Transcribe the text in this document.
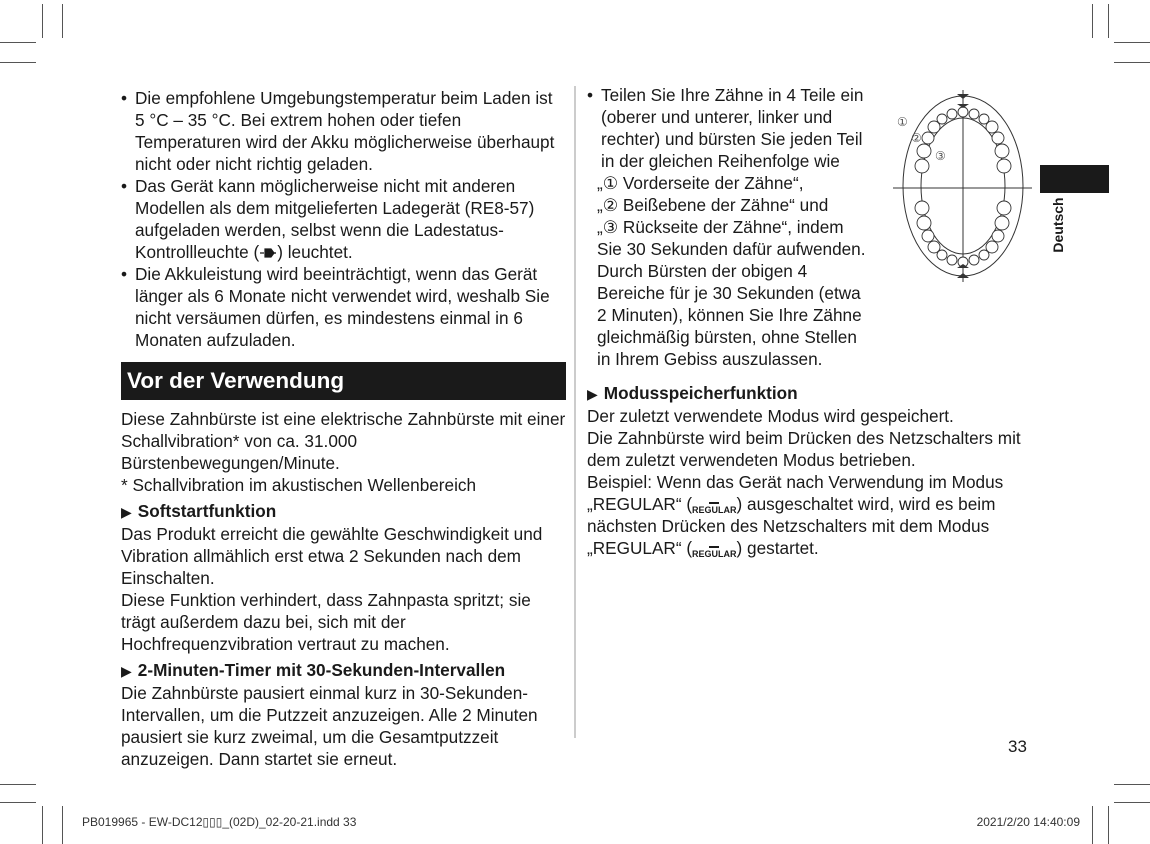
• Die empfohlene Umgebungstemperatur beim Laden ist 5 °C – 35 °C. Bei extrem hohen oder tiefen Temperaturen wird der Akku möglicherweise überhaupt nicht oder nicht richtig geladen.

• Das Gerät kann möglicherweise nicht mit anderen Modellen als dem mitgelieferten Ladegerät (RE8-57) aufgeladen werden, selbst wenn die Ladestatus-Kontrollleuchte ( ) leuchtet.

• Die Akkuleistung wird beeinträchtigt, wenn das Gerät länger als 6 Monate nicht verwendet wird, weshalb Sie nicht versäumen dürfen, es mindestens einmal in 6 Monaten aufzuladen.

Vor der Verwendung

Diese Zahnbürste ist eine elektrische Zahnbürste mit einer Schallvibration* von ca. 31.000 Bürstenbewegungen/Minute.

* Schallvibration im akustischen Wellenbereich

▶ Softstartfunktion

Das Produkt erreicht die gewählte Geschwindigkeit und Vibration allmählich erst etwa 2 Sekunden nach dem Einschalten.

Diese Funktion verhindert, dass Zahnpasta spritzt; sie trägt außerdem dazu bei, sich mit der Hochfrequenzvibration vertraut zu machen.

▶ 2-Minuten-Timer mit 30-Sekunden-Intervallen

Die Zahnbürste pausiert einmal kurz in 30-Sekunden-Intervallen, um die Putzzeit anzuzeigen. Alle 2 Minuten pausiert sie kurz zweimal, um die Gesamtputzzeit anzuzeigen. Dann startet sie erneut.

• Teilen Sie Ihre Zähne in 4 Teile ein (oberer und unterer, linker und rechter) und bürsten Sie jeden Teil in der gleichen Reihenfolge wie

„① Vorderseite der Zähne“,

„② Beißebene der Zähne“ und

„③ Rückseite der Zähne“, indem Sie 30 Sekunden dafür aufwenden. Durch Bürsten der obigen 4 Bereiche für je 30 Sekunden (etwa 2 Minuten), können Sie Ihre Zähne gleichmäßig bürsten, ohne Stellen in Ihrem Gebiss auszulassen.

▶ Modusspeicherfunktion

Der zuletzt verwendete Modus wird gespeichert.

Die Zahnbürste wird beim Drücken des Netzschalters mit dem zuletzt verwendeten Modus betrieben.

Beispiel: Wenn das Gerät nach Verwendung im Modus „REGULAR“ (REGULAR) ausgeschaltet wird, wird es beim nächsten Drücken des Netzschalters mit dem Modus „REGULAR“ (REGULAR) gestartet.

①
②
③
Deutsch
33
PB019965 - EW-DC12▯▯▯_(02D)_02-20-21.indd 33	2021/2/20 14:40:09
